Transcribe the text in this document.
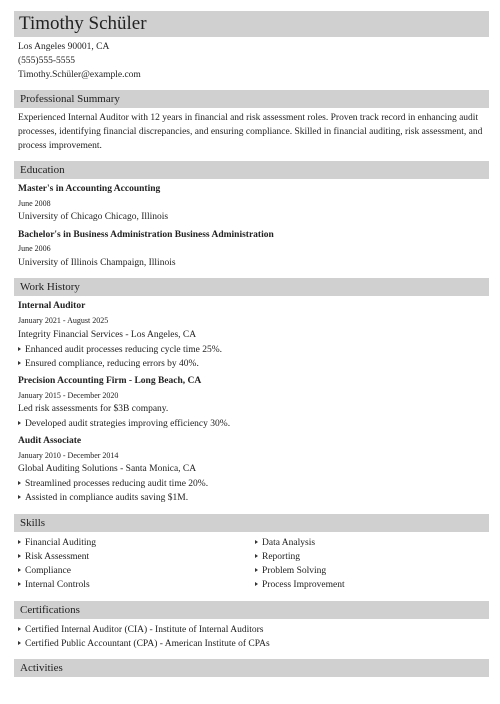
Timothy Schüler
Los Angeles 90001, CA
(555)555-5555
Timothy.Schüler@example.com
Professional Summary
Experienced Internal Auditor with 12 years in financial and risk assessment roles. Proven track record in enhancing audit processes, identifying financial discrepancies, and ensuring compliance. Skilled in financial auditing, risk assessment, and process improvement.
Education
Master's in Accounting Accounting
June 2008
University of Chicago Chicago, Illinois
Bachelor's in Business Administration Business Administration
June 2006
University of Illinois Champaign, Illinois
Work History
Internal Auditor
January 2021 - August 2025
Integrity Financial Services - Los Angeles, CA
Enhanced audit processes reducing cycle time 25%.
Ensured compliance, reducing errors by 40%.
Precision Accounting Firm - Long Beach, CA
January 2015 - December 2020
Led risk assessments for $3B company.
Developed audit strategies improving efficiency 30%.
Audit Associate
January 2010 - December 2014
Global Auditing Solutions - Santa Monica, CA
Streamlined processes reducing audit time 20%.
Assisted in compliance audits saving $1M.
Skills
Financial Auditing
Risk Assessment
Compliance
Internal Controls
Data Analysis
Reporting
Problem Solving
Process Improvement
Certifications
Certified Internal Auditor (CIA) - Institute of Internal Auditors
Certified Public Accountant (CPA) - American Institute of CPAs
Activities
